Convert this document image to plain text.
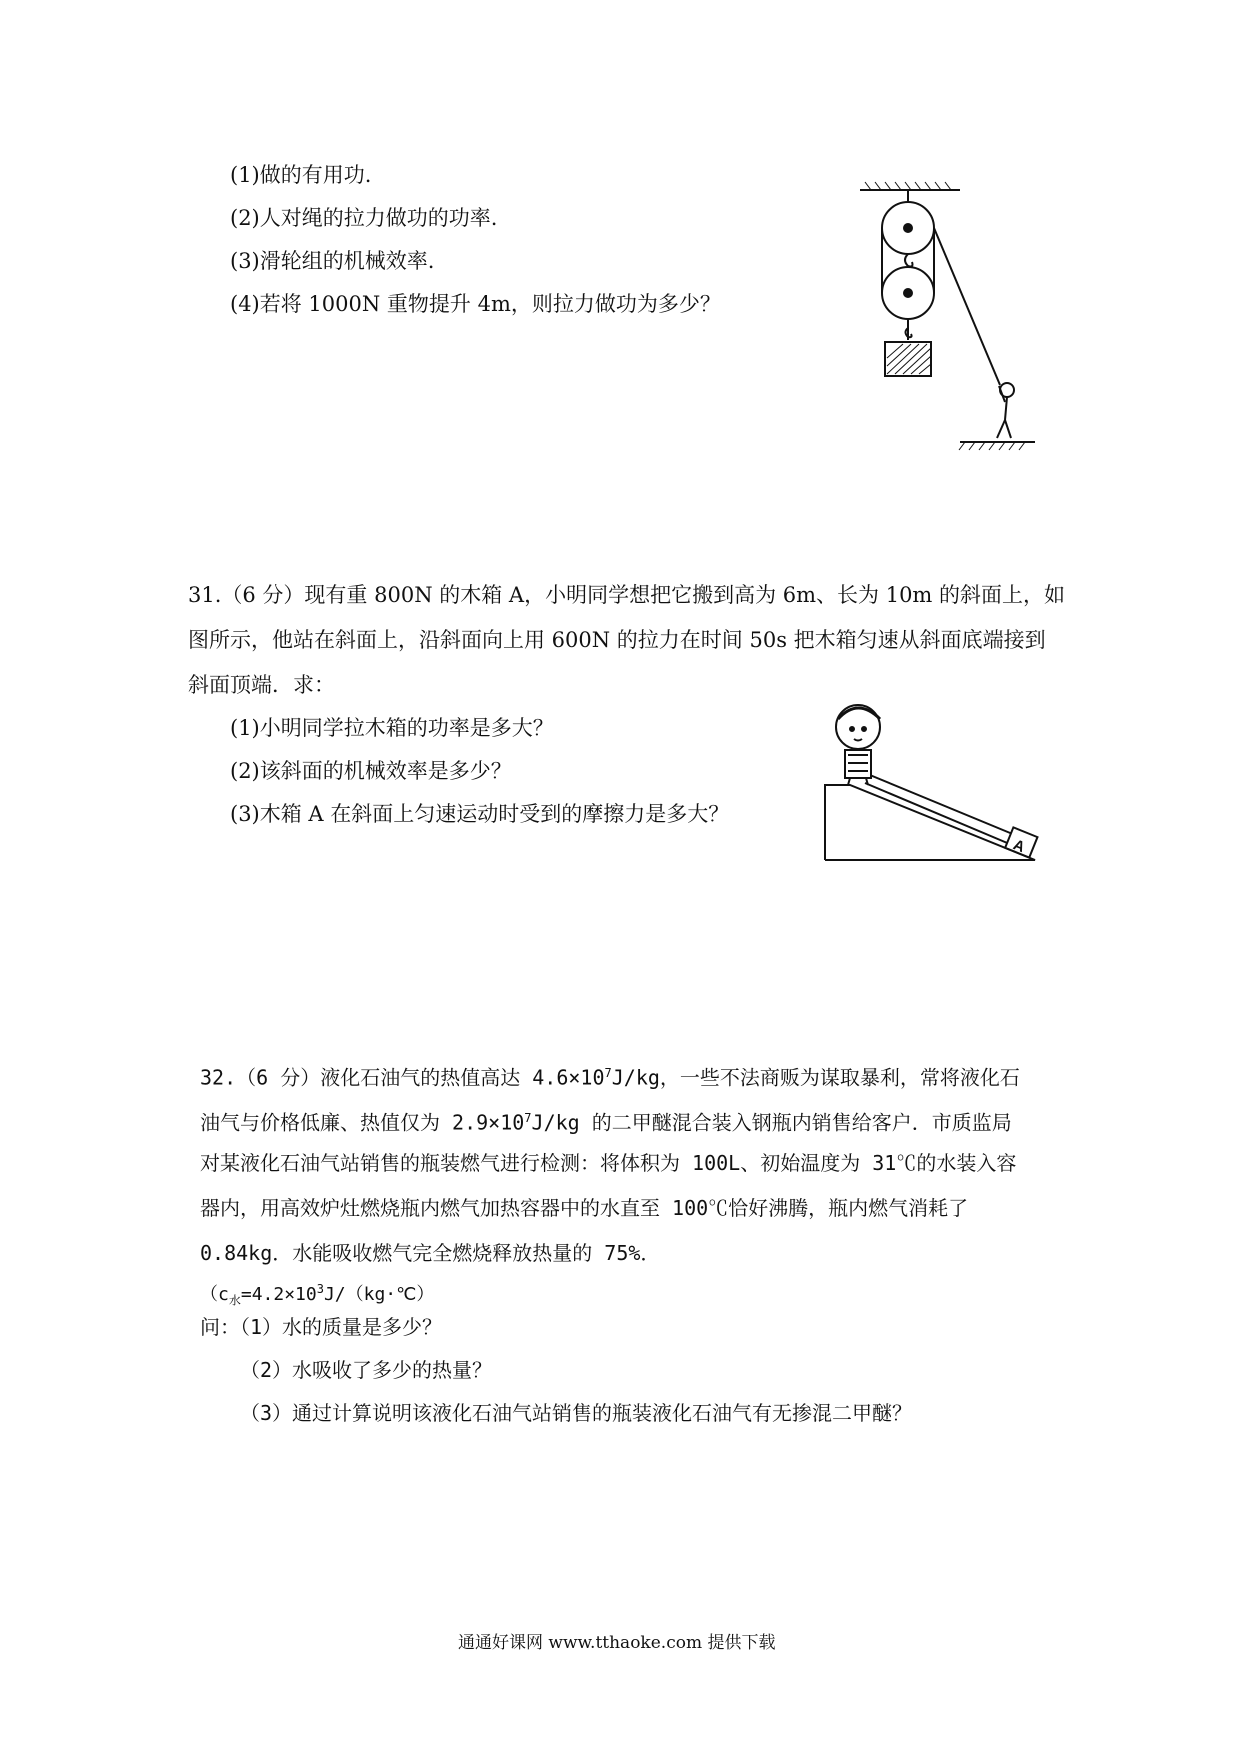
(1)做的有用功.
(2)人对绳的拉力做功的功率.
(3)滑轮组的机械效率.
(4)若将 1000N 重物提升 4m，则拉力做功为多少？
31.（6 分）现有重 800N 的木箱 A，小明同学想把它搬到高为 6m、长为 10m 的斜面上，如
图所示，他站在斜面上，沿斜面向上用 600N 的拉力在时间 50s 把木箱匀速从斜面底端接到
斜面顶端．求：
(1)小明同学拉木箱的功率是多大？
(2)该斜面的机械效率是多少？
(3)木箱 A 在斜面上匀速运动时受到的摩擦力是多大？
A
32.（6 分）液化石油气的热值高达 $4.6\times 10^7J/kg$，一些不法商贩为谋取暴利，常将液化石
油气与价格低廉、热值仅为 $2.9\times 10^7J/kg$ 的二甲醚混合装入钢瓶内销售给客户．市质监局
对某液化石油气站销售的瓶装燃气进行检测：将体积为 100L、初始温度为 31℃的水装入容
器内，用高效炉灶燃烧瓶内燃气加热容器中的水直至 100℃恰好沸腾，瓶内燃气消耗了
0.84kg．水能吸收燃气完全燃烧释放热量的 75%．
（$c_水=4.2\times 10^3J/(kg\cdot℃)$
问：（1）水的质量是多少？
（2）水吸收了多少的热量？
（3）通过计算说明该液化石油气站销售的瓶装液化石油气有无掺混二甲醚？
通通好课网 www.tthaoke.com 提供下载
